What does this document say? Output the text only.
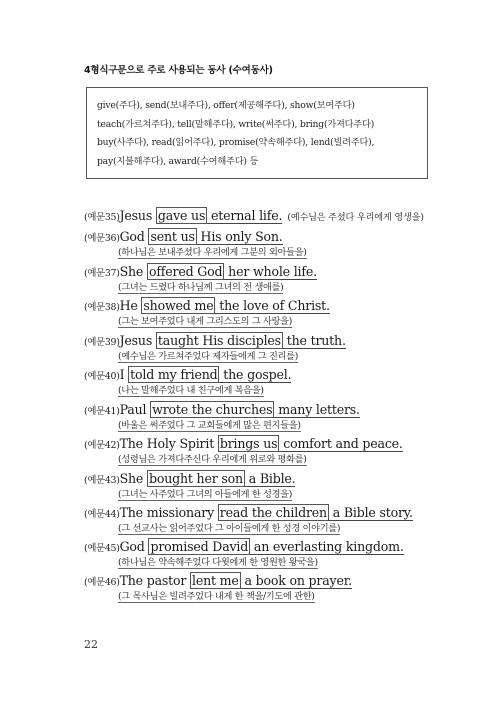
4형식구문으로 주로 사용되는 동사 (수여동사)
give(주다), send(보내주다), offer(제공해주다), show(보여주다)
teach(가르쳐주다), tell(말해주다), write(써주다), bring(가져다주다)
buy(사주다), read(읽어주다), promise(약속해주다), lend(빌려주다),
pay(지불해주다), award(수여해주다) 등
(예문35)Jesus gave us eternal life. (예수님은 주셨다 우리에게 영생을)
(예문36)God sent us His only Son.
(하나님은 보내주셨다 우리에게 그분의 외아들을)
(예문37)She offered God her whole life.
(그녀는 드렸다 하나님께 그녀의 전 생애를)
(예문38)He showed me the love of Christ.
(그는 보여주었다 내게 그리스도의 그 사랑을)
(예문39)Jesus taught His disciples the truth.
(예수님은 가르쳐주었다 제자들에게 그 진리를)
(예문40)I told my friend the gospel.
(나는 말해주었다 내 친구에게 복음을)
(예문41)Paul wrote the churches many letters.
(바울은 써주었다 그 교회들에게 많은 편지들을)
(예문42)The Holy Spirit brings us comfort and peace.
(성령님은 가져다주신다 우리에게 위로와 평화를)
(예문43)She bought her son a Bible.
(그녀는 사주었다 그녀의 아들에게 한 성경을)
(예문44)The missionary read the children a Bible story.
(그 선교사는 읽어주었다 그 아이들에게 한 성경 이야기를)
(예문45)God promised David an everlasting kingdom.
(하나님은 약속해주었다 다윗에게 한 영원한 왕국을)
(예문46)The pastor lent me a book on prayer.
(그 목사님은 빌려주었다 내게 한 책을/기도에 관한)
22
